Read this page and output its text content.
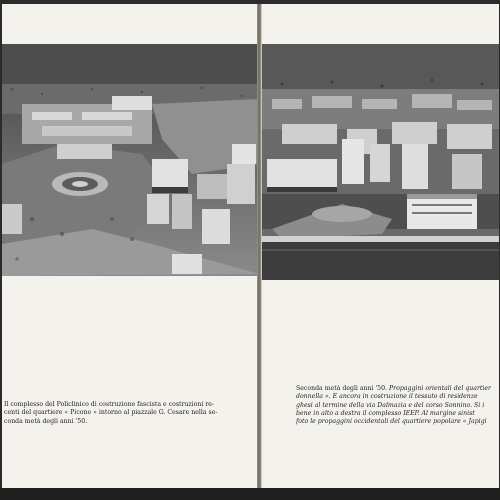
Il complesso del Policlinico di costruzione fascista e costruzioni re-
centi del quartiere « Picone » intorno al piazzale G. Cesare nella se-
conda metà degli anni '50.
Seconda metà degli anni '50. Propaggini orientali del quartier
donnella ». E ancora in costruzione il tessuto di residenze
ghesi al termine della via Dalmazia e del corso Sonnino. Si i
bene in alto a destra il complesso IEEP. Al margine sinist
foto le propaggini occidentali del quartiere popolare « Japigi
